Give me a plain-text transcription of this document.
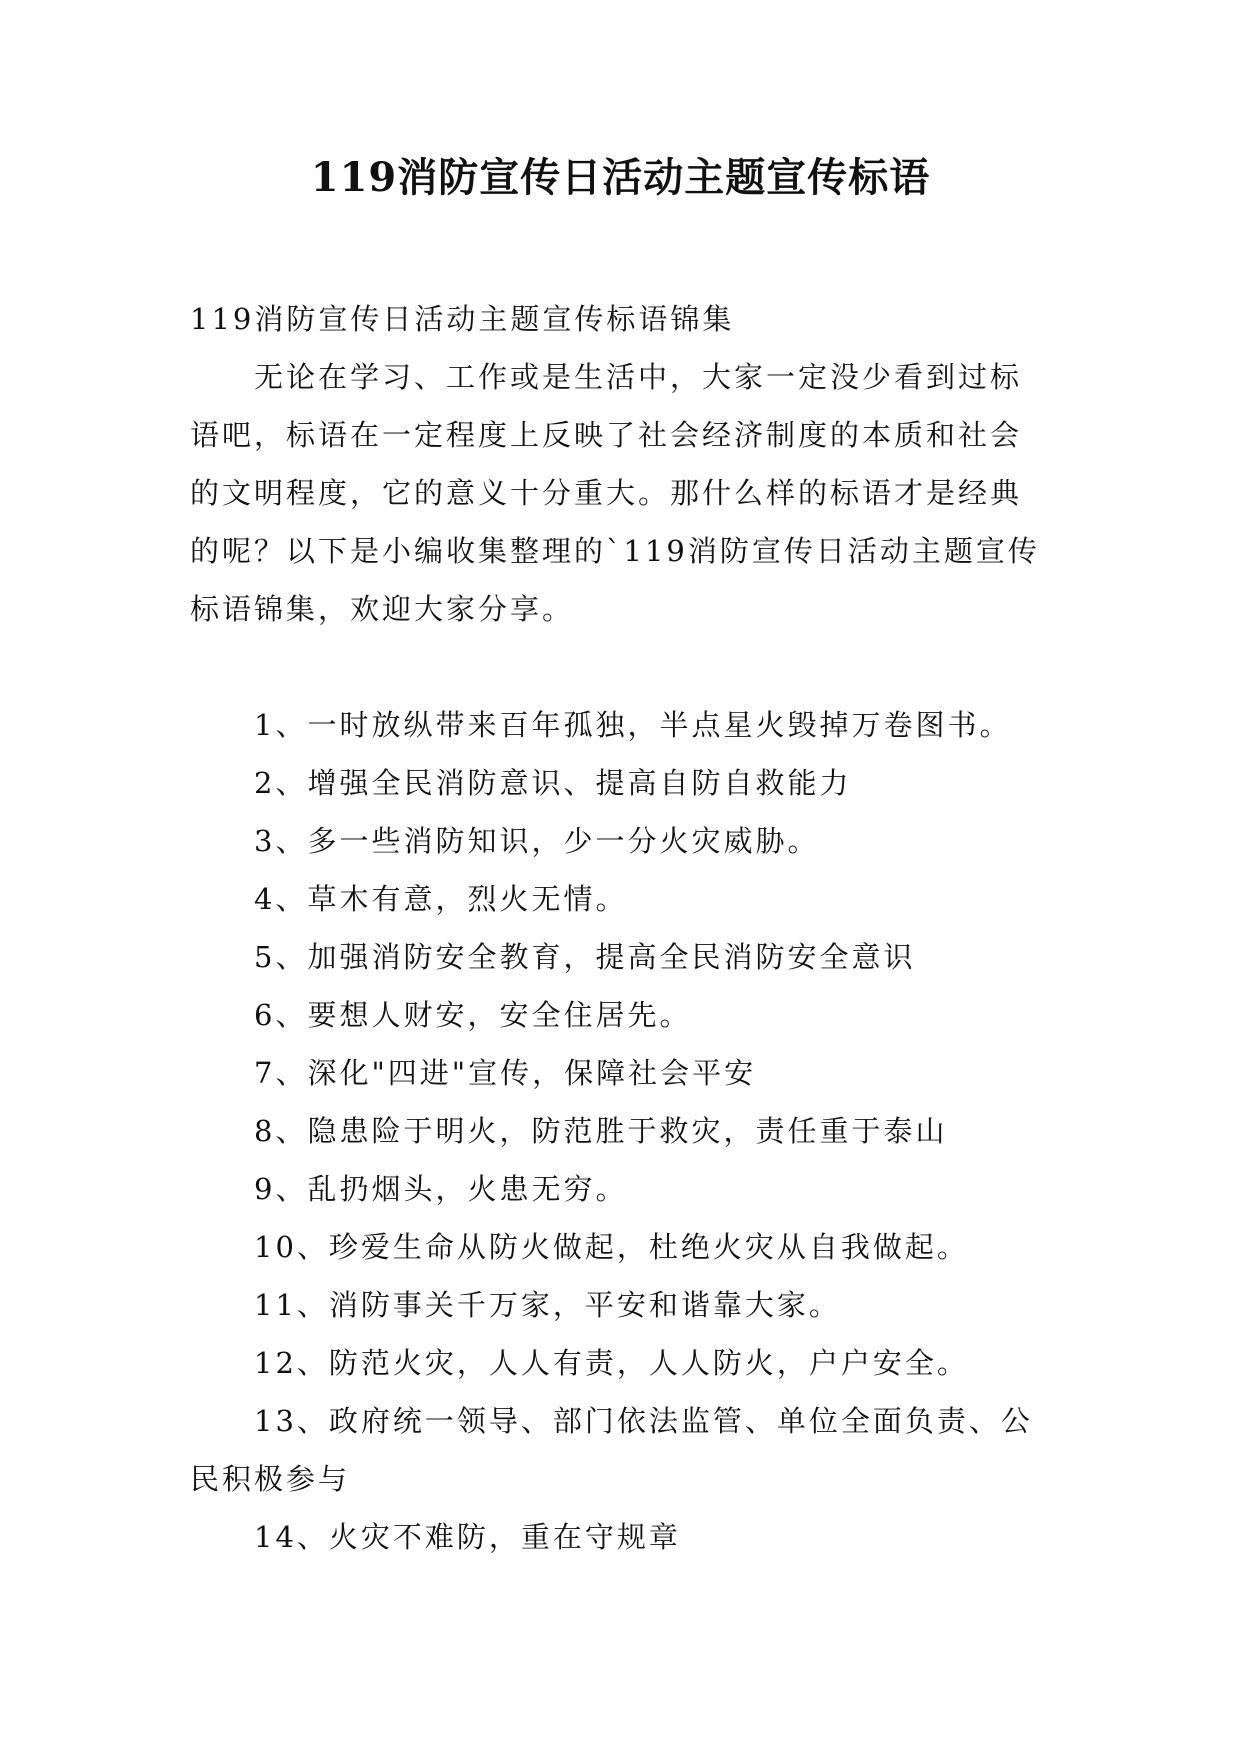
119消防宣传日活动主题宣传标语

119消防宣传日活动主题宣传标语锦集

无论在学习、工作或是生活中，大家一定没少看到过标语吧，标语在一定程度上反映了社会经济制度的本质和社会的文明程度，它的意义十分重大。那什么样的标语才是经典的呢？以下是小编收集整理的`119消防宣传日活动主题宣传标语锦集，欢迎大家分享。

1、一时放纵带来百年孤独，半点星火毁掉万卷图书。

2、增强全民消防意识、提高自防自救能力

3、多一些消防知识，少一分火灾威胁。

4、草木有意，烈火无情。

5、加强消防安全教育，提高全民消防安全意识

6、要想人财安，安全住居先。

7、深化"四进"宣传，保障社会平安

8、隐患险于明火，防范胜于救灾，责任重于泰山

9、乱扔烟头，火患无穷。

10、珍爱生命从防火做起，杜绝火灾从自我做起。

11、消防事关千万家，平安和谐靠大家。

12、防范火灾，人人有责，人人防火，户户安全。

13、政府统一领导、部门依法监管、单位全面负责、公民积极参与

14、火灾不难防，重在守规章
